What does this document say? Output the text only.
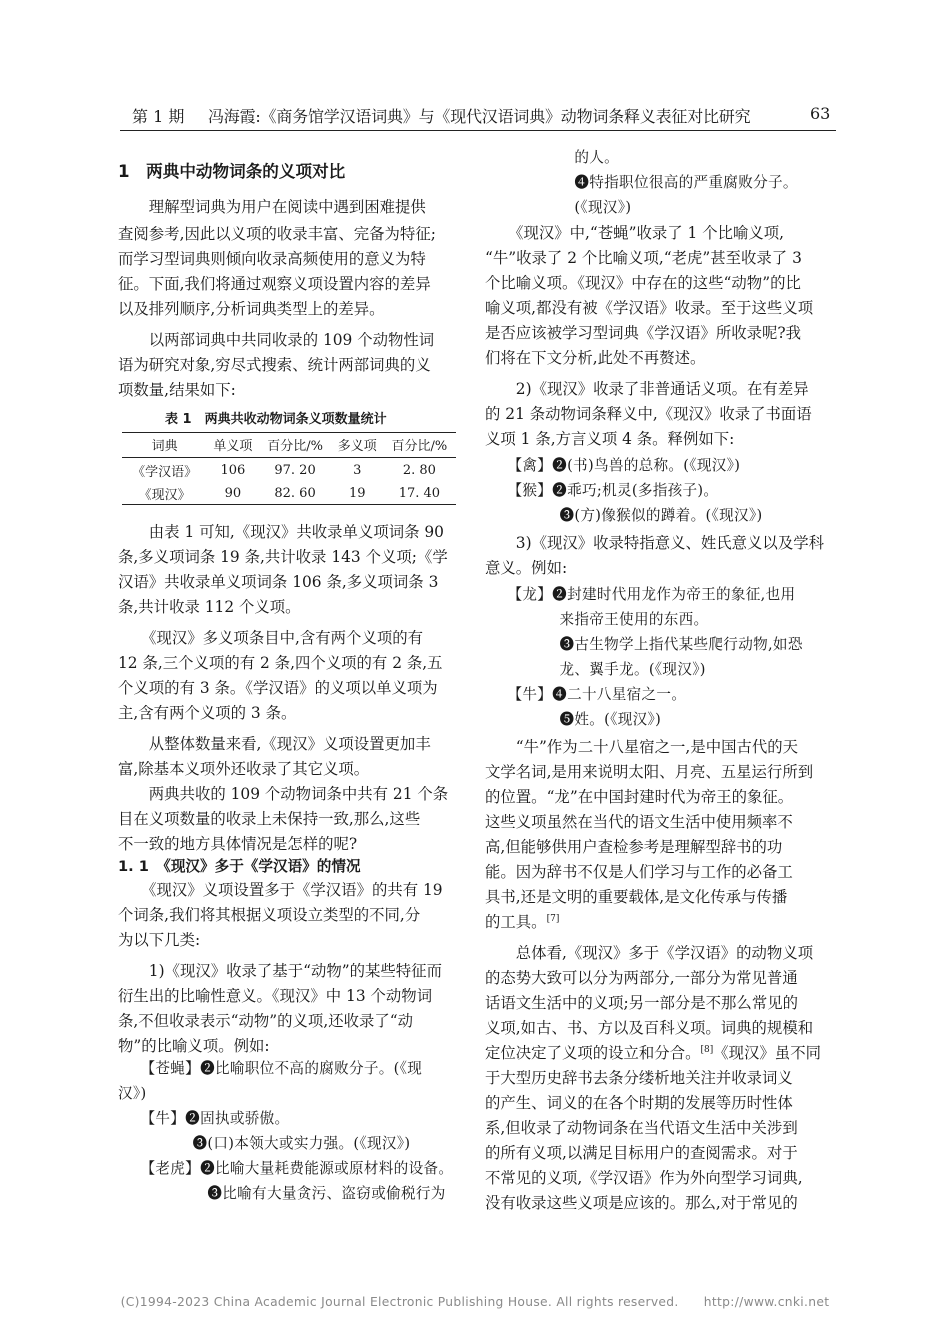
第 1 期 冯海霞:《商务馆学汉语词典》与《现代汉语词典》动物词条释义表征对比研究	63
1　两典中动物词条的义项对比
　　理解型词典为用户在阅读中遇到困难提供
查阅参考,因此以义项的收录丰富、完备为特征;
而学习型词典则倾向收录高频使用的意义为特
征。下面,我们将通过观察义项设置内容的差异
以及排列顺序,分析词典类型上的差异。
　　以两部词典中共同收录的 109 个动物性词
语为研究对象,穷尽式搜索、统计两部词典的义
项数量,结果如下:
　　由表 1 可知,《现汉》共收录单义项词条 90
条,多义项词条 19 条,共计收录 143 个义项;《学
汉语》共收录单义项词条 106 条,多义项词条 3
条,共计收录 112 个义项。
　　《现汉》多义项条目中,含有两个义项的有
12 条,三个义项的有 2 条,四个义项的有 2 条,五
个义项的有 3 条。《学汉语》的义项以单义项为
主,含有两个义项的 3 条。
　　从整体数量来看,《现汉》义项设置更加丰
富,除基本义项外还收录了其它义项。
　　两典共收的 109 个动物词条中共有 21 个条
目在义项数量的收录上未保持一致,那么,这些
不一致的地方具体情况是怎样的呢?
1. 1　《现汉》多于《学汉语》的情况
　　《现汉》义项设置多于《学汉语》的共有 19
个词条,我们将其根据义项设立类型的不同,分
为以下几类:
　　1)《现汉》收录了基于“动物”的某些特征而
衍生出的比喻性意义。《现汉》中 13 个动物词
条,不但收录表示“动物”的义项,还收录了“动
物”的比喻义项。例如:
　　【苍蝇】❷比喻职位不高的腐败分子。(《现
汉》)
　　【牛】❷固执或骄傲。
　　　　　❸(口)本领大或实力强。(《现汉》)
　　【老虎】❷比喻大量耗费能源或原材料的设备。
　　　　　　❸比喻有大量贪污、盗窃或偷税行为
　　　　　　的人。
　　　　　　❹特指职位很高的严重腐败分子。
　　　　　　(《现汉》)
　　《现汉》中,“苍蝇”收录了 1 个比喻义项,
“牛”收录了 2 个比喻义项,“老虎”甚至收录了 3
个比喻义项。《现汉》中存在的这些“动物”的比
喻义项,都没有被《学汉语》收录。至于这些义项
是否应该被学习型词典《学汉语》所收录呢?我
们将在下文分析,此处不再赘述。
　　2)《现汉》收录了非普通话义项。在有差异
的 21 条动物词条释义中,《现汉》收录了书面语
义项 1 条,方言义项 4 条。释例如下:
　　【禽】❷(书)鸟兽的总称。(《现汉》)
　　【猴】❷乖巧;机灵(多指孩子)。
　　　　　❸(方)像猴似的蹲着。(《现汉》)
　　3)《现汉》收录特指意义、姓氏意义以及学科
意义。例如:
　　【龙】❷封建时代用龙作为帝王的象征,也用
　　　　　来指帝王使用的东西。
　　　　　❸古生物学上指代某些爬行动物,如恐
　　　　　龙、翼手龙。(《现汉》)
　　【牛】❹二十八星宿之一。
　　　　　❺姓。(《现汉》)
　　“牛”作为二十八星宿之一,是中国古代的天
文学名词,是用来说明太阳、月亮、五星运行所到
的位置。“龙”在中国封建时代为帝王的象征。
这些义项虽然在当代的语文生活中使用频率不
高,但能够供用户查检参考是理解型辞书的功
能。因为辞书不仅是人们学习与工作的必备工
具书,还是文明的重要载体,是文化传承与传播
的工具。[7]
　　总体看,《现汉》多于《学汉语》的动物义项
的态势大致可以分为两部分,一部分为常见普通
话语文生活中的义项;另一部分是不那么常见的
义项,如古、书、方以及百科义项。词典的规模和
定位决定了义项的设立和分合。[8]《现汉》虽不同
于大型历史辞书去条分缕析地关注并收录词义
的产生、词义的在各个时期的发展等历时性体
系,但收录了动物词条在当代语文生活中关涉到
的所有义项,以满足目标用户的查阅需求。对于
不常见的义项,《学汉语》作为外向型学习词典,
没有收录这些义项是应该的。那么,对于常见的
表 1　两典共收动物词条义项数量统计
词典	单义项	百分比/%	多义项	百分比/%
《学汉语》	106	97. 20	3	2. 80
《现汉》	90	82. 60	19	17. 40
(C)1994-2023 China Academic Journal Electronic Publishing House. All rights reserved.　　http://www.cnki.net
